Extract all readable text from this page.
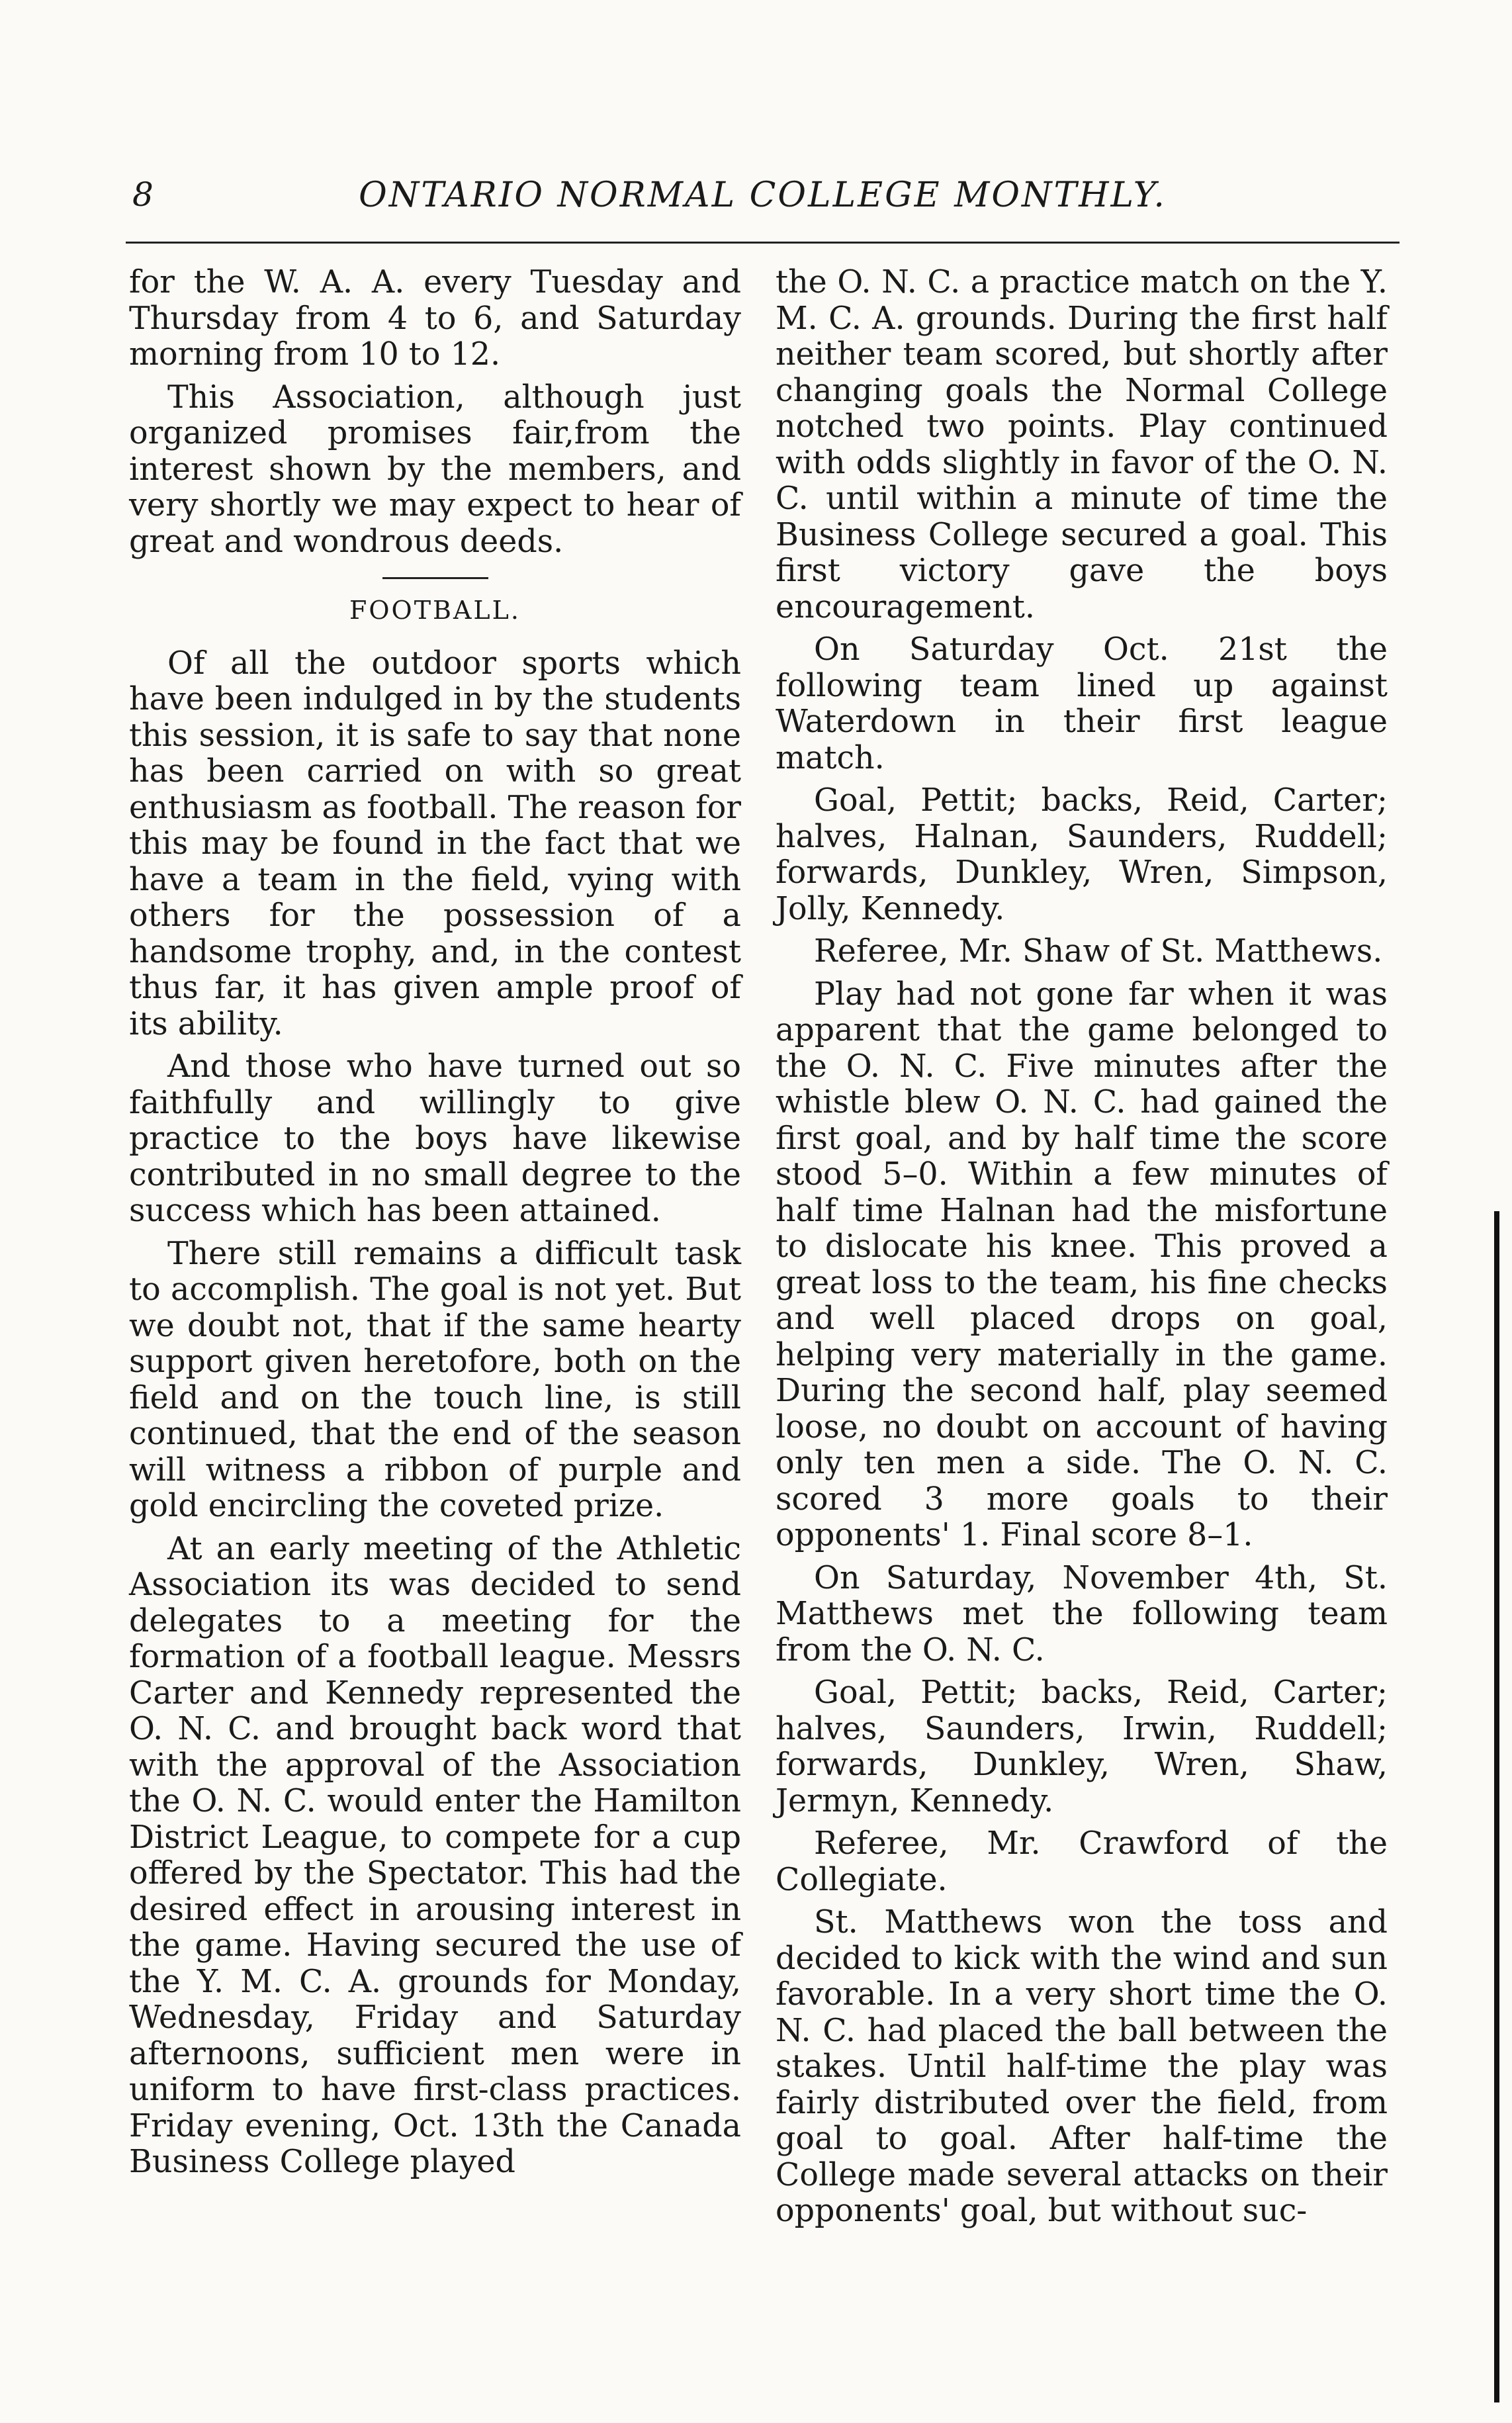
8	ONTARIO NORMAL COLLEGE MONTHLY.

for the W. A. A. every Tuesday and Thursday from 4 to 6, and Saturday morning from 10 to 12.

This Association, although just organized promises fair,from the interest shown by the members, and very shortly we may expect to hear of great and wondrous deeds.

FOOTBALL.

Of all the outdoor sports which have been indulged in by the students this session, it is safe to say that none has been carried on with so great enthusiasm as football. The reason for this may be found in the fact that we have a team in the field, vying with others for the possession of a handsome trophy, and, in the contest thus far, it has given ample proof of its ability.

And those who have turned out so faithfully and willingly to give practice to the boys have likewise contributed in no small degree to the success which has been attained.

There still remains a difficult task to accomplish. The goal is not yet. But we doubt not, that if the same hearty support given heretofore, both on the field and on the touch line, is still continued, that the end of the season will witness a ribbon of purple and gold encircling the coveted prize.

At an early meeting of the Athletic Association its was decided to send delegates to a meeting for the formation of a football league. Messrs Carter and Kennedy represented the O. N. C. and brought back word that with the approval of the Association the O. N. C. would enter the Hamilton District League, to compete for a cup offered by the Spectator. This had the desired effect in arousing interest in the game. Having secured the use of the Y. M. C. A. grounds for Monday, Wednesday, Friday and Saturday afternoons, sufficient men were in uniform to have first-class practices. Friday evening, Oct. 13th the Canada Business College played

the O. N. C. a practice match on the Y. M. C. A. grounds. During the first half neither team scored, but shortly after changing goals the Normal College notched two points. Play continued with odds slightly in favor of the O. N. C. until within a minute of time the Business College secured a goal. This first victory gave the boys encouragement.

On Saturday Oct. 21st the following team lined up against Waterdown in their first league match.

Goal, Pettit; backs, Reid, Carter; halves, Halnan, Saunders, Ruddell; forwards, Dunkley, Wren, Simpson, Jolly, Kennedy.

Referee, Mr. Shaw of St. Matthews.

Play had not gone far when it was apparent that the game belonged to the O. N. C. Five minutes after the whistle blew O. N. C. had gained the first goal, and by half time the score stood 5–0. Within a few minutes of half time Halnan had the misfortune to dislocate his knee. This proved a great loss to the team, his fine checks and well placed drops on goal, helping very materially in the game. During the second half, play seemed loose, no doubt on account of having only ten men a side. The O. N. C. scored 3 more goals to their opponents' 1. Final score 8–1.

On Saturday, November 4th, St. Matthews met the following team from the O. N. C.

Goal, Pettit; backs, Reid, Carter; halves, Saunders, Irwin, Ruddell; forwards, Dunkley, Wren, Shaw, Jermyn, Kennedy.

Referee, Mr. Crawford of the Collegiate.

St. Matthews won the toss and decided to kick with the wind and sun favorable. In a very short time the O. N. C. had placed the ball between the stakes. Until half-time the play was fairly distributed over the field, from goal to goal. After half-time the College made several attacks on their opponents' goal, but without suc-
